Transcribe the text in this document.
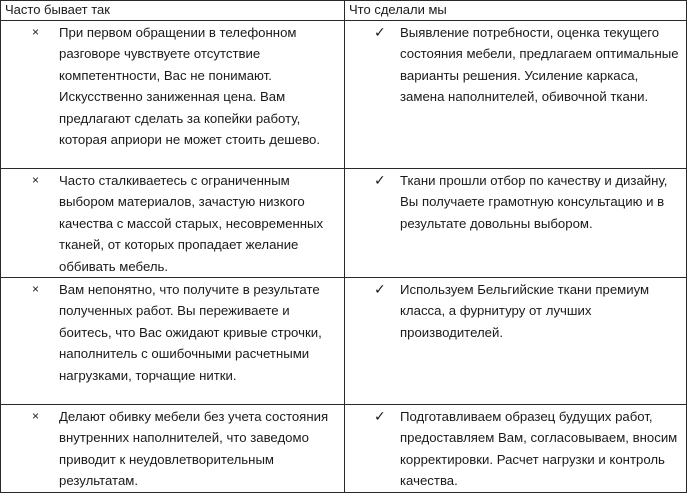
Часто бывает так	Что сделали мы

× При первом обращении в телефонном разговоре чувствуете отсутствие компетентности, Вас не понимают. Искусственно заниженная цена. Вам предлагают сделать за копейки работу, которая априори не может стоить дешево.	✓ Выявление потребности, оценка текущего состояния мебели, предлагаем оптимальные варианты решения. Усиление каркаса, замена наполнителей, обивочной ткани.

× Часто сталкиваетесь с ограниченным выбором материалов, зачастую низкого качества с массой старых, несовременных тканей, от которых пропадает желание оббивать мебель.	✓ Ткани прошли отбор по качеству и дизайну, Вы получаете грамотную консультацию и в результате довольны выбором.

× Вам непонятно, что получите в результате полученных работ. Вы переживаете и боитесь, что Вас ожидают кривые строчки, наполнитель с ошибочными расчетными нагрузками, торчащие нитки.	✓ Используем Бельгийские ткани премиум класса, а фурнитуру от лучших производителей.

× Делают обивку мебели без учета состояния внутренних наполнителей, что заведомо приводит к неудовлетворительным результатам.	✓ Подготавливаем образец будущих работ, предоставляем Вам, согласовываем, вносим корректировки. Расчет нагрузки и контроль качества.
